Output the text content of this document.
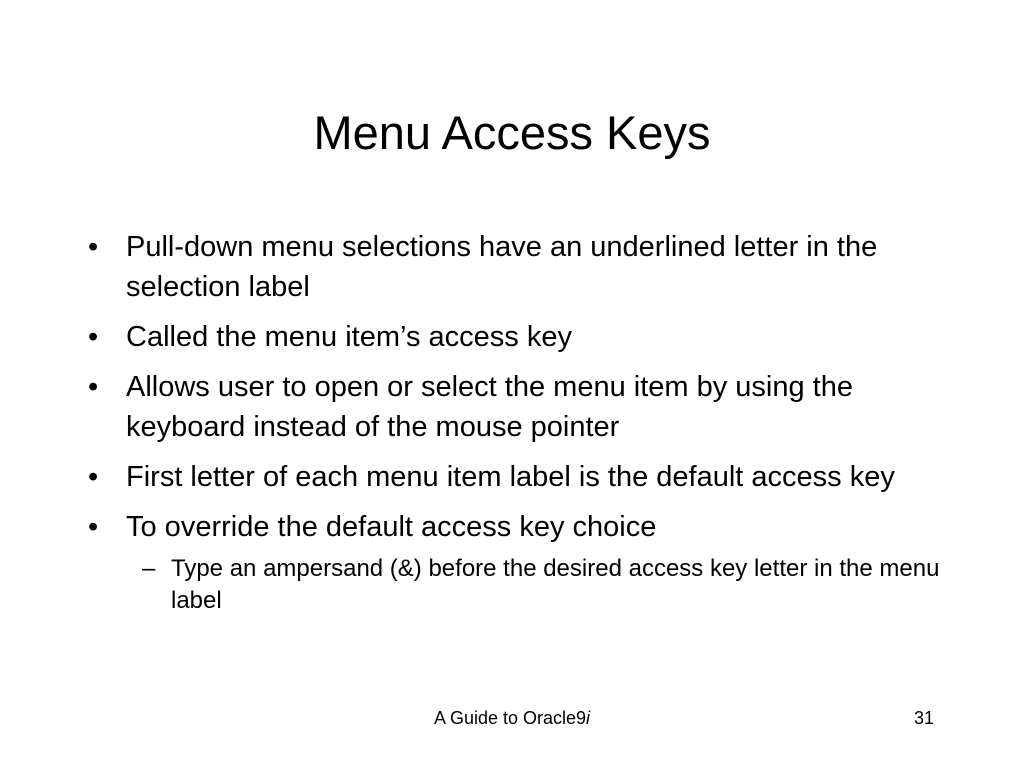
Menu Access Keys
• Pull-down menu selections have an underlined letter in the selection label
• Called the menu item’s access key
• Allows user to open or select the menu item by using the keyboard instead of the mouse pointer
• First letter of each menu item label is the default access key
• To override the default access key choice
– Type an ampersand (&) before the desired access key letter in the menu label
A Guide to Oracle9i	31
